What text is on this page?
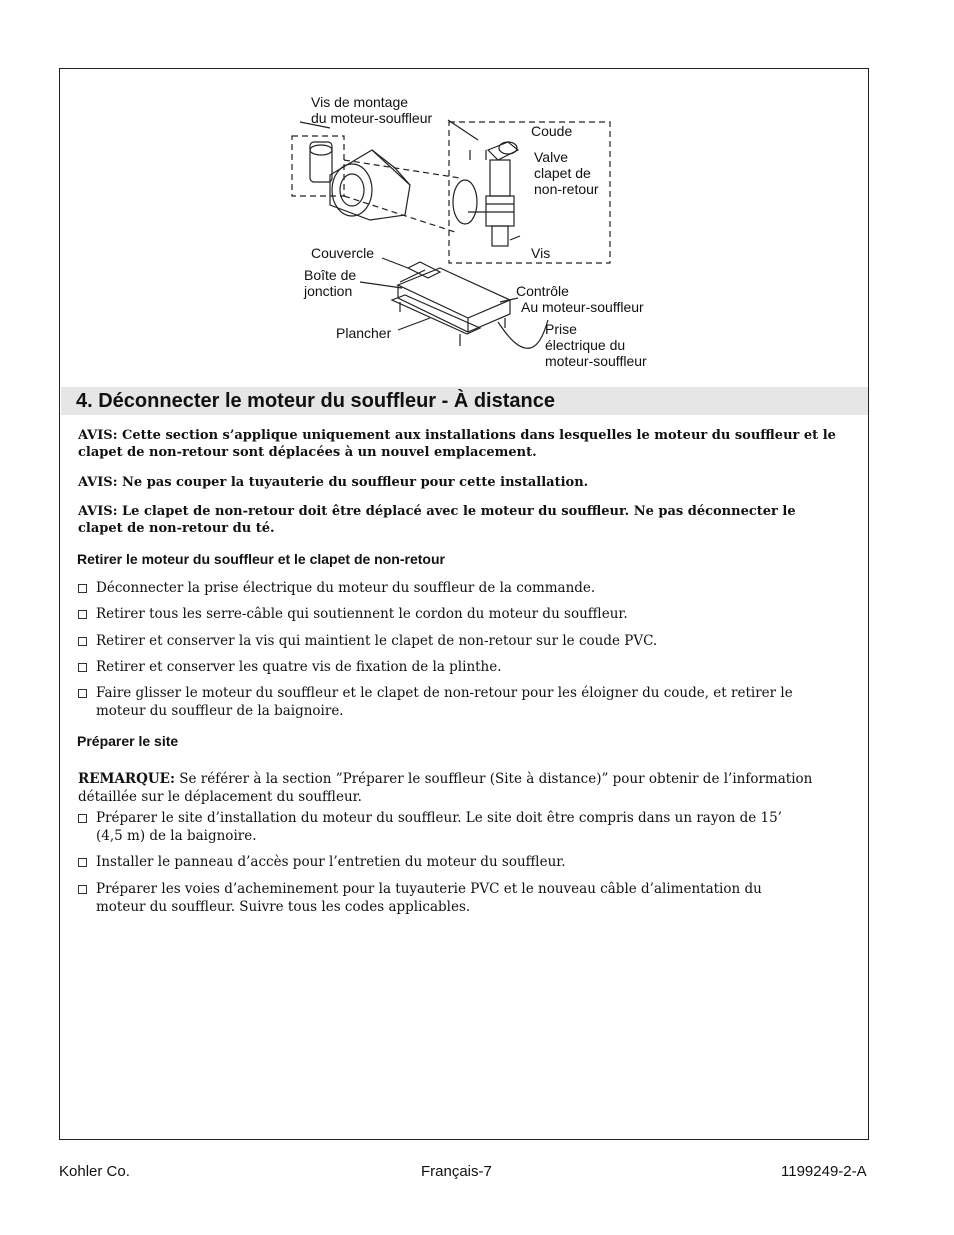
Vis de montage
du moteur-souffleur
Coude
Valve
clapet de
non-retour
Vis
Couvercle
Boîte de
jonction	Contrôle
Au moteur-souffleur
Plancher	Prise
électrique du
moteur-souffleur
4. Déconnecter le moteur du souffleur - À distance
AVIS: Cette section s’applique uniquement aux installations dans lesquelles le moteur du souffleur et le clapet de non-retour sont déplacées à un nouvel emplacement.
AVIS: Ne pas couper la tuyauterie du souffleur pour cette installation.
AVIS: Le clapet de non-retour doit être déplacé avec le moteur du souffleur. Ne pas déconnecter le clapet de non-retour du té.
Retirer le moteur du souffleur et le clapet de non-retour
Déconnecter la prise électrique du moteur du souffleur de la commande.
Retirer tous les serre-câble qui soutiennent le cordon du moteur du souffleur.
Retirer et conserver la vis qui maintient le clapet de non-retour sur le coude PVC.
Retirer et conserver les quatre vis de fixation de la plinthe.
Faire glisser le moteur du souffleur et le clapet de non-retour pour les éloigner du coude, et retirer le moteur du souffleur de la baignoire.
Préparer le site
REMARQUE: Se référer à la section ”Préparer le souffleur (Site à distance)” pour obtenir de l’information détaillée sur le déplacement du souffleur.
Préparer le site d’installation du moteur du souffleur. Le site doit être compris dans un rayon de 15’ (4,5 m) de la baignoire.
Installer le panneau d’accès pour l’entretien du moteur du souffleur.
Préparer les voies d’acheminement pour la tuyauterie PVC et le nouveau câble d’alimentation du moteur du souffleur. Suivre tous les codes applicables.
Kohler Co.	Français-7	1199249-2-A
